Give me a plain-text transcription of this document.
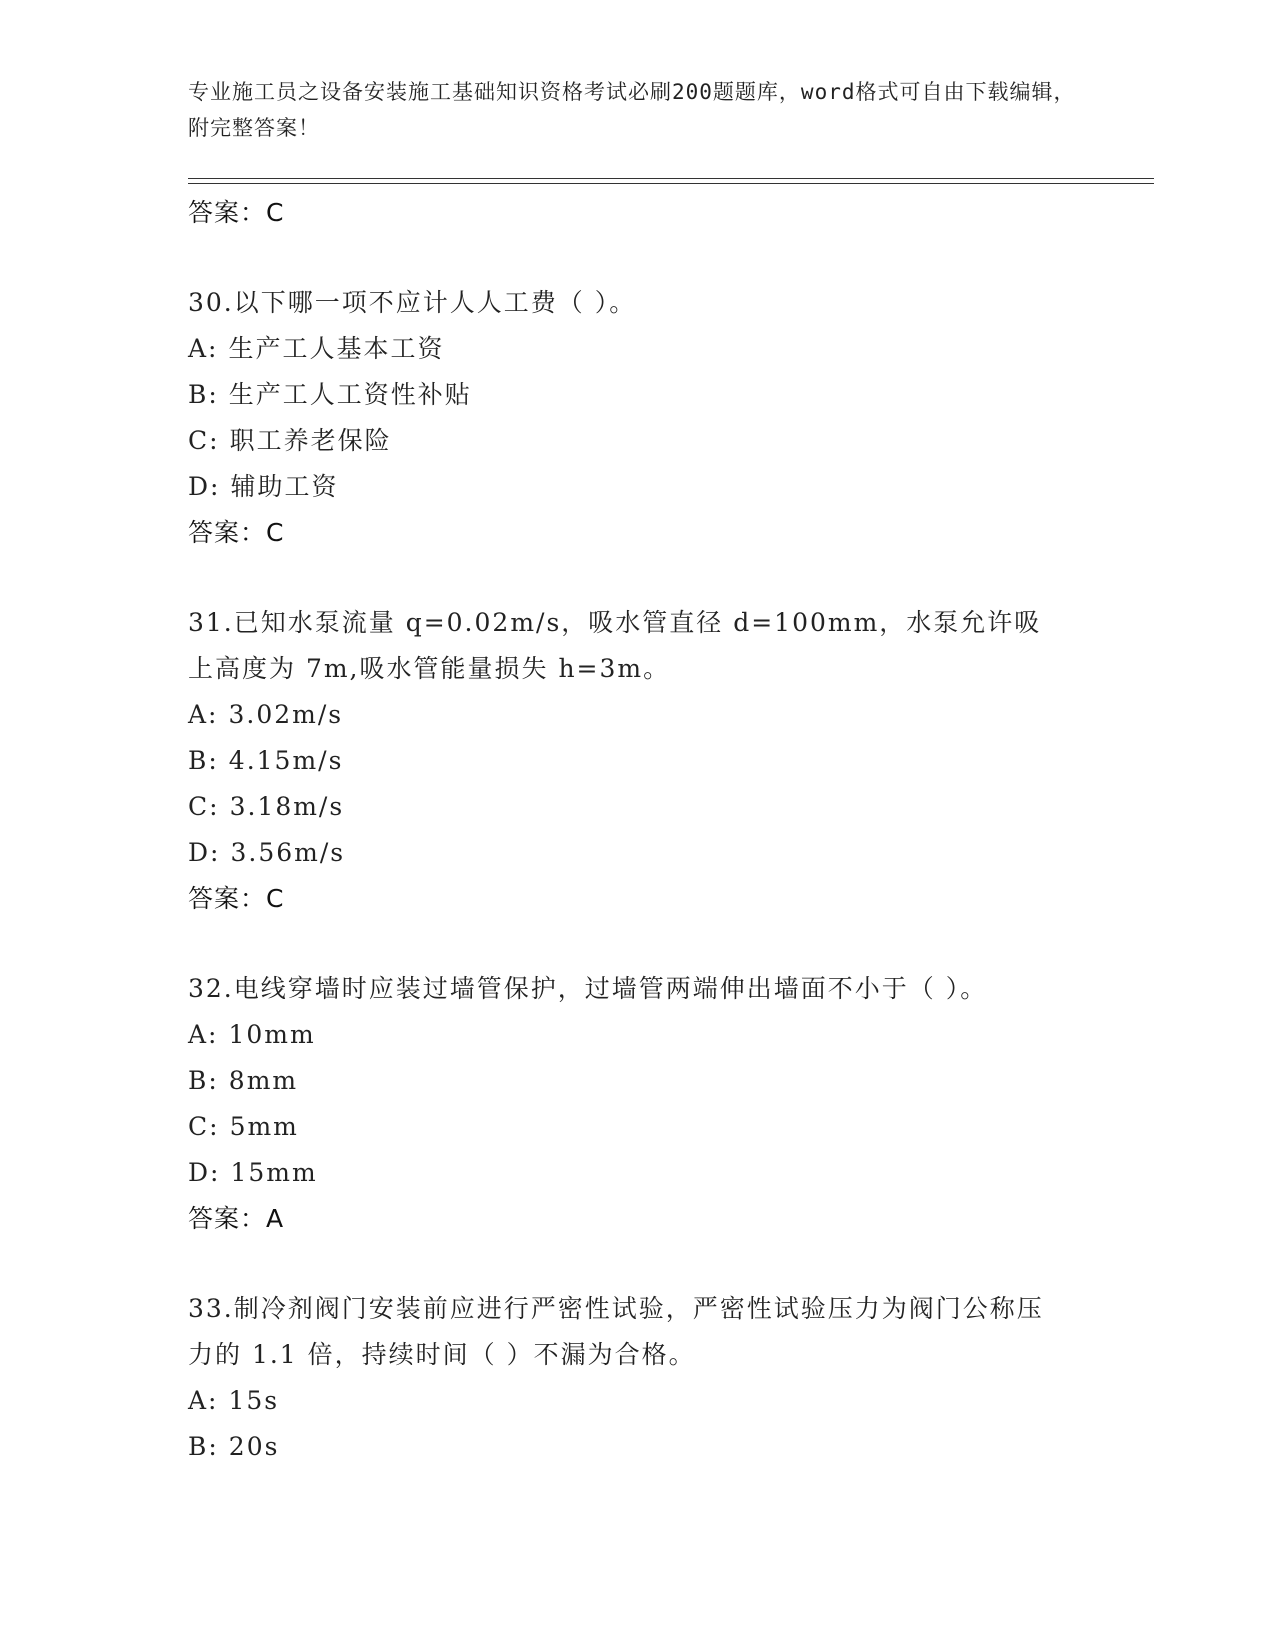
专业施工员之设备安装施工基础知识资格考试必刷200题题库，word格式可自由下载编辑，附完整答案！
答案：C
30.以下哪一项不应计人人工费（ ）。
A: 生产工人基本工资
B: 生产工人工资性补贴
C: 职工养老保险
D: 辅助工资
答案：C
31.已知水泵流量 q=0.02m/s，吸水管直径 d=100mm，水泵允许吸上高度为 7m,吸水管能量损失 h=3m。
A: 3.02m/s
B: 4.15m/s
C: 3.18m/s
D: 3.56m/s
答案：C
32.电线穿墙时应装过墙管保护，过墙管两端伸出墙面不小于（ ）。
A: 10mm
B: 8mm
C: 5mm
D: 15mm
答案：A
33.制冷剂阀门安装前应进行严密性试验，严密性试验压力为阀门公称压力的 1.1 倍，持续时间（ ）不漏为合格。
A: 15s
B: 20s
